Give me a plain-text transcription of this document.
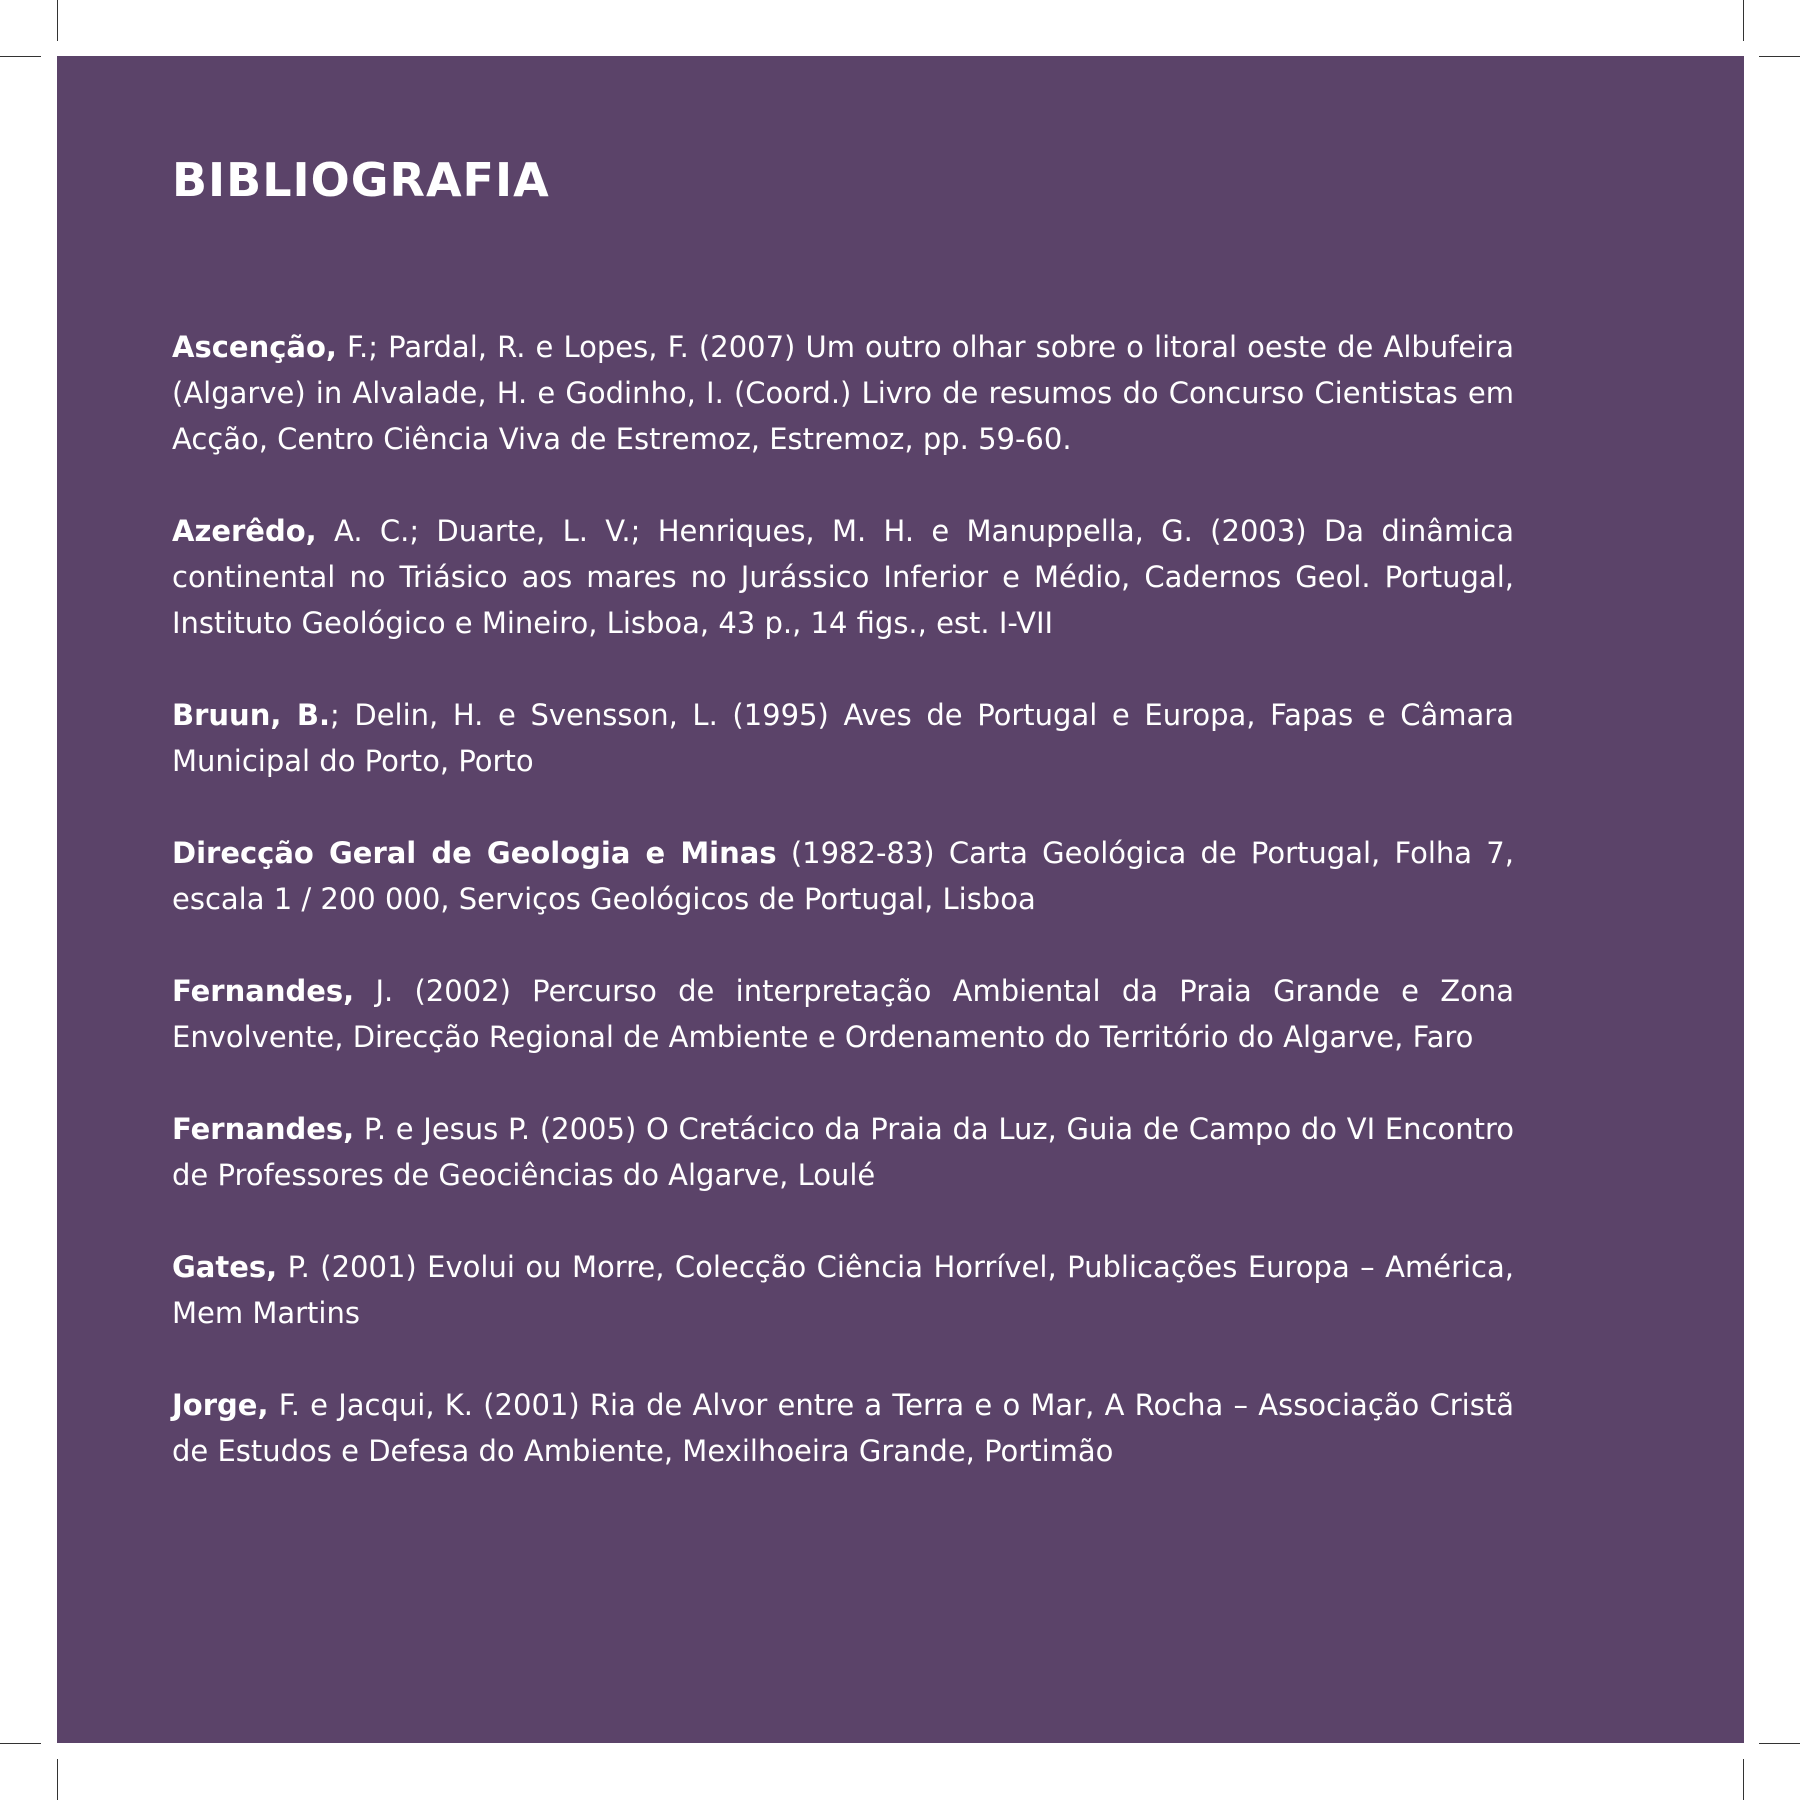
BIBLIOGRAFIA

Ascenção, F.; Pardal, R. e Lopes, F. (2007) Um outro olhar sobre o litoral oeste de Albufeira (Algarve) in Alvalade, H. e Godinho, I. (Coord.) Livro de resumos do Concurso Cientistas em Acção, Centro Ciência Viva de Estremoz, Estremoz, pp. 59-60.

Azerêdo, A. C.; Duarte, L. V.; Henriques, M. H. e Manuppella, G. (2003) Da dinâmica continental no Triásico aos mares no Jurássico Inferior e Médio, Cadernos Geol. Portugal, Instituto Geológico e Mineiro, Lisboa, 43 p., 14 figs., est. I-VII

Bruun, B.; Delin, H. e Svensson, L. (1995) Aves de Portugal e Europa, Fapas e Câmara Municipal do Porto, Porto

Direcção Geral de Geologia e Minas (1982-83) Carta Geológica de Portugal, Folha 7, escala 1 / 200 000, Serviços Geológicos de Portugal, Lisboa

Fernandes, J. (2002) Percurso de interpretação Ambiental da Praia Grande e Zona Envolvente, Direcção Regional de Ambiente e Ordenamento do Território do Algarve, Faro

Fernandes, P. e Jesus P. (2005) O Cretácico da Praia da Luz, Guia de Campo do VI Encontro de Professores de Geociências do Algarve, Loulé

Gates, P. (2001) Evolui ou Morre, Colecção Ciência Horrível, Publicações Europa – América, Mem Martins

Jorge, F. e Jacqui, K. (2001) Ria de Alvor entre a Terra e o Mar, A Rocha – Associação Cristã de Estudos e Defesa do Ambiente, Mexilhoeira Grande, Portimão
